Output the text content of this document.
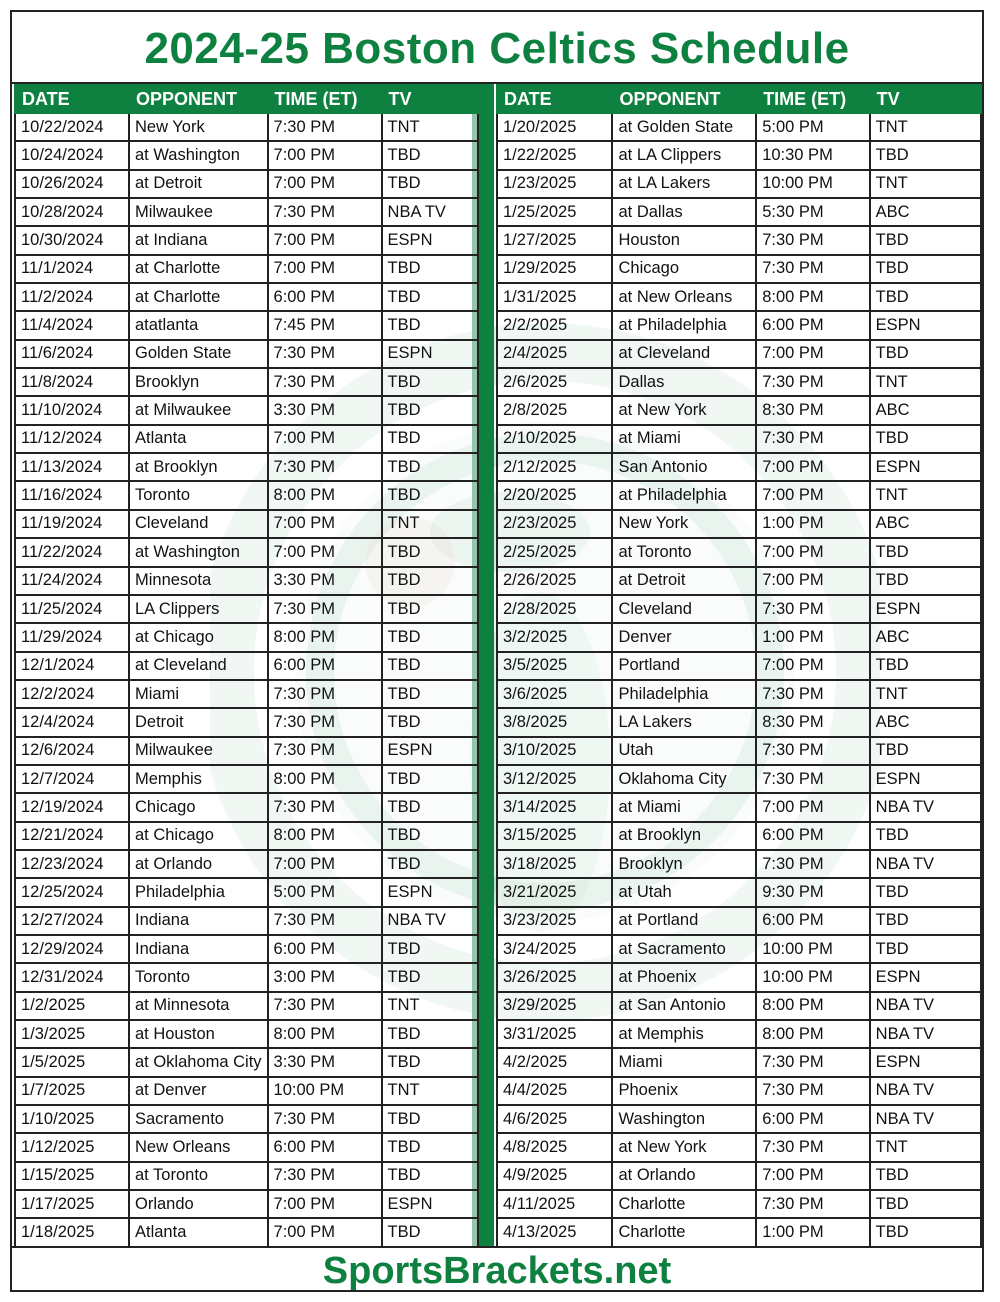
2024-25 Boston Celtics Schedule
DATE	OPPONENT	TIME (ET)	TV
10/22/2024	New York	7:30 PM	TNT
10/24/2024	at Washington	7:00 PM	TBD
10/26/2024	at Detroit	7:00 PM	TBD
10/28/2024	Milwaukee	7:30 PM	NBA TV
10/30/2024	at Indiana	7:00 PM	ESPN
11/1/2024	at Charlotte	7:00 PM	TBD
11/2/2024	at Charlotte	6:00 PM	TBD
11/4/2024	atatlanta	7:45 PM	TBD
11/6/2024	Golden State	7:30 PM	ESPN
11/8/2024	Brooklyn	7:30 PM	TBD
11/10/2024	at Milwaukee	3:30 PM	TBD
11/12/2024	Atlanta	7:00 PM	TBD
11/13/2024	at Brooklyn	7:30 PM	TBD
11/16/2024	Toronto	8:00 PM	TBD
11/19/2024	Cleveland	7:00 PM	TNT
11/22/2024	at Washington	7:00 PM	TBD
11/24/2024	Minnesota	3:30 PM	TBD
11/25/2024	LA Clippers	7:30 PM	TBD
11/29/2024	at Chicago	8:00 PM	TBD
12/1/2024	at Cleveland	6:00 PM	TBD
12/2/2024	Miami	7:30 PM	TBD
12/4/2024	Detroit	7:30 PM	TBD
12/6/2024	Milwaukee	7:30 PM	ESPN
12/7/2024	Memphis	8:00 PM	TBD
12/19/2024	Chicago	7:30 PM	TBD
12/21/2024	at Chicago	8:00 PM	TBD
12/23/2024	at Orlando	7:00 PM	TBD
12/25/2024	Philadelphia	5:00 PM	ESPN
12/27/2024	Indiana	7:30 PM	NBA TV
12/29/2024	Indiana	6:00 PM	TBD
12/31/2024	Toronto	3:00 PM	TBD
1/2/2025	at Minnesota	7:30 PM	TNT
1/3/2025	at Houston	8:00 PM	TBD
1/5/2025	at Oklahoma City	3:30 PM	TBD
1/7/2025	at Denver	10:00 PM	TNT
1/10/2025	Sacramento	7:30 PM	TBD
1/12/2025	New Orleans	6:00 PM	TBD
1/15/2025	at Toronto	7:30 PM	TBD
1/17/2025	Orlando	7:00 PM	ESPN
1/18/2025	Atlanta	7:00 PM	TBD
DATE	OPPONENT	TIME (ET)	TV
1/20/2025	at Golden State	5:00 PM	TNT
1/22/2025	at LA Clippers	10:30 PM	TBD
1/23/2025	at LA Lakers	10:00 PM	TNT
1/25/2025	at Dallas	5:30 PM	ABC
1/27/2025	Houston	7:30 PM	TBD
1/29/2025	Chicago	7:30 PM	TBD
1/31/2025	at New Orleans	8:00 PM	TBD
2/2/2025	at Philadelphia	6:00 PM	ESPN
2/4/2025	at Cleveland	7:00 PM	TBD
2/6/2025	Dallas	7:30 PM	TNT
2/8/2025	at New York	8:30 PM	ABC
2/10/2025	at Miami	7:30 PM	TBD
2/12/2025	San Antonio	7:00 PM	ESPN
2/20/2025	at Philadelphia	7:00 PM	TNT
2/23/2025	New York	1:00 PM	ABC
2/25/2025	at Toronto	7:00 PM	TBD
2/26/2025	at Detroit	7:00 PM	TBD
2/28/2025	Cleveland	7:30 PM	ESPN
3/2/2025	Denver	1:00 PM	ABC
3/5/2025	Portland	7:00 PM	TBD
3/6/2025	Philadelphia	7:30 PM	TNT
3/8/2025	LA Lakers	8:30 PM	ABC
3/10/2025	Utah	7:30 PM	TBD
3/12/2025	Oklahoma City	7:30 PM	ESPN
3/14/2025	at Miami	7:00 PM	NBA TV
3/15/2025	at Brooklyn	6:00 PM	TBD
3/18/2025	Brooklyn	7:30 PM	NBA TV
3/21/2025	at Utah	9:30 PM	TBD
3/23/2025	at Portland	6:00 PM	TBD
3/24/2025	at Sacramento	10:00 PM	TBD
3/26/2025	at Phoenix	10:00 PM	ESPN
3/29/2025	at San Antonio	8:00 PM	NBA TV
3/31/2025	at Memphis	8:00 PM	NBA TV
4/2/2025	Miami	7:30 PM	ESPN
4/4/2025	Phoenix	7:30 PM	NBA TV
4/6/2025	Washington	6:00 PM	NBA TV
4/8/2025	at New York	7:30 PM	TNT
4/9/2025	at Orlando	7:00 PM	TBD
4/11/2025	Charlotte	7:30 PM	TBD
4/13/2025	Charlotte	1:00 PM	TBD
SportsBrackets.net
